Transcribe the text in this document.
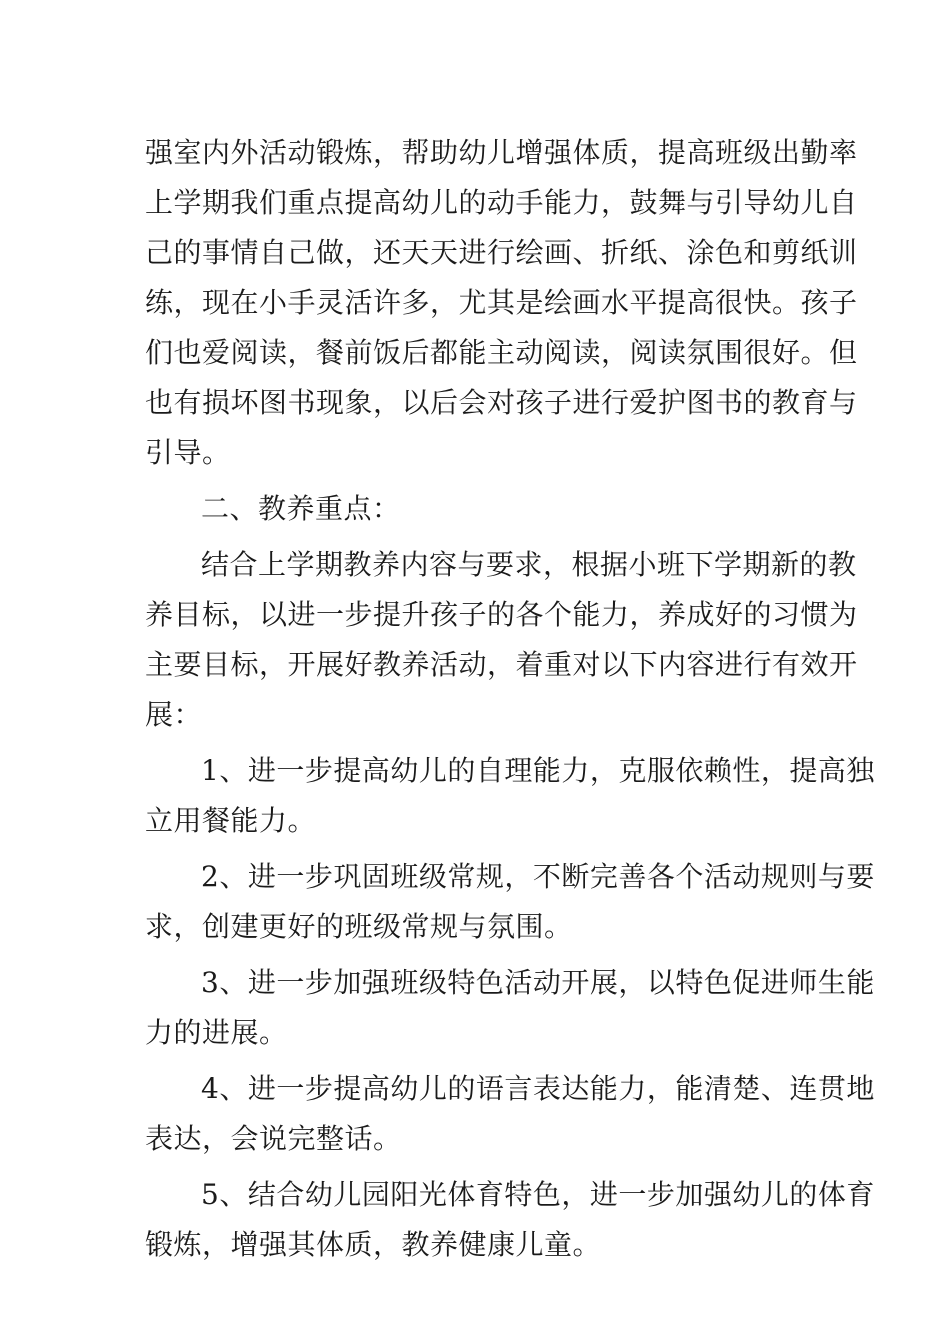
强室内外活动锻炼，帮助幼儿增强体质，提高班级出勤率
上学期我们重点提高幼儿的动手能力，鼓舞与引导幼儿自
己的事情自己做，还天天进行绘画、折纸、涂色和剪纸训
练，现在小手灵活许多，尤其是绘画水平提高很快。孩子
们也爱阅读，餐前饭后都能主动阅读，阅读氛围很好。但
也有损坏图书现象，以后会对孩子进行爱护图书的教育与
引导。
二、教养重点：
结合上学期教养内容与要求，根据小班下学期新的教
养目标，以进一步提升孩子的各个能力，养成好的习惯为
主要目标，开展好教养活动，着重对以下内容进行有效开
展：
1、进一步提高幼儿的自理能力，克服依赖性，提高独
立用餐能力。
2、进一步巩固班级常规，不断完善各个活动规则与要
求，创建更好的班级常规与氛围。
3、进一步加强班级特色活动开展，以特色促进师生能
力的进展。
4、进一步提高幼儿的语言表达能力，能清楚、连贯地
表达，会说完整话。
5、结合幼儿园阳光体育特色，进一步加强幼儿的体育
锻炼，增强其体质，教养健康儿童。
